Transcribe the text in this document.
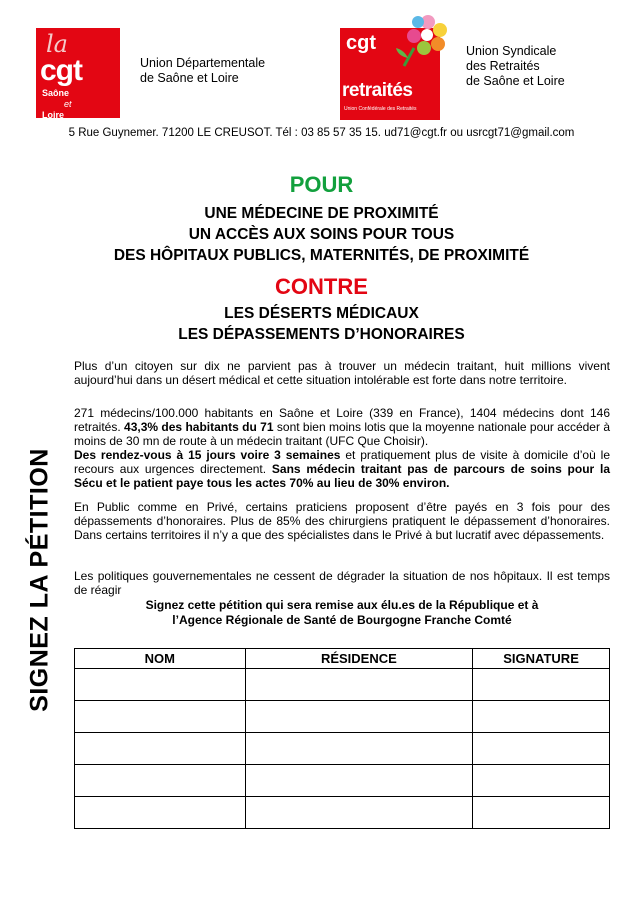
la
cgt
Saône
et
Loire
Union Départementale
de Saône et Loire
cgt
retraités
Union Confédérale des Retraités
Union Syndicale
des Retraités
de Saône et Loire
5 Rue Guynemer. 71200 LE CREUSOT. Tél : 03 85 57 35 15. ud71@cgt.fr ou usrcgt71@gmail.com
POUR
UNE MÉDECINE DE PROXIMITÉ
UN ACCÈS AUX SOINS POUR TOUS
DES HÔPITAUX PUBLICS, MATERNITÉS, DE PROXIMITÉ
CONTRE
LES DÉSERTS MÉDICAUX
LES DÉPASSEMENTS D’HONORAIRES
SIGNEZ LA PÉTITION

Plus d’un citoyen sur dix ne parvient pas à trouver un médecin traitant, huit millions vivent aujourd’hui dans un désert médical et cette situation intolérable est forte dans notre territoire.

271 médecins/100.000 habitants en Saône et Loire (339 en France), 1404 médecins dont 146 retraités. 43,3% des habitants du 71 sont bien moins lotis que la moyenne nationale pour accéder à moins de 30 mn de route à un médecin traitant (UFC Que Choisir).
Des rendez-vous à 15 jours voire 3 semaines et pratiquement plus de visite à domicile d’où le recours aux urgences directement. Sans médecin traitant pas de parcours de soins pour la Sécu et le patient paye tous les actes 70% au lieu de 30% environ.

En Public comme en Privé, certains praticiens proposent d’être payés en 3 fois pour des dépassements d’honoraires. Plus de 85% des chirurgiens pratiquent le dépassement d’honoraires. Dans certains territoires il n’y a que des spécialistes dans le Privé à but lucratif avec dépassements.

Les politiques gouvernementales ne cessent de dégrader la situation de nos hôpitaux. Il est temps de réagir

Signez cette pétition qui sera remise aux élu.es de la République et à
l’Agence Régionale de Santé de Bourgogne Franche Comté
NOM	RÉSIDENCE	SIGNATURE
